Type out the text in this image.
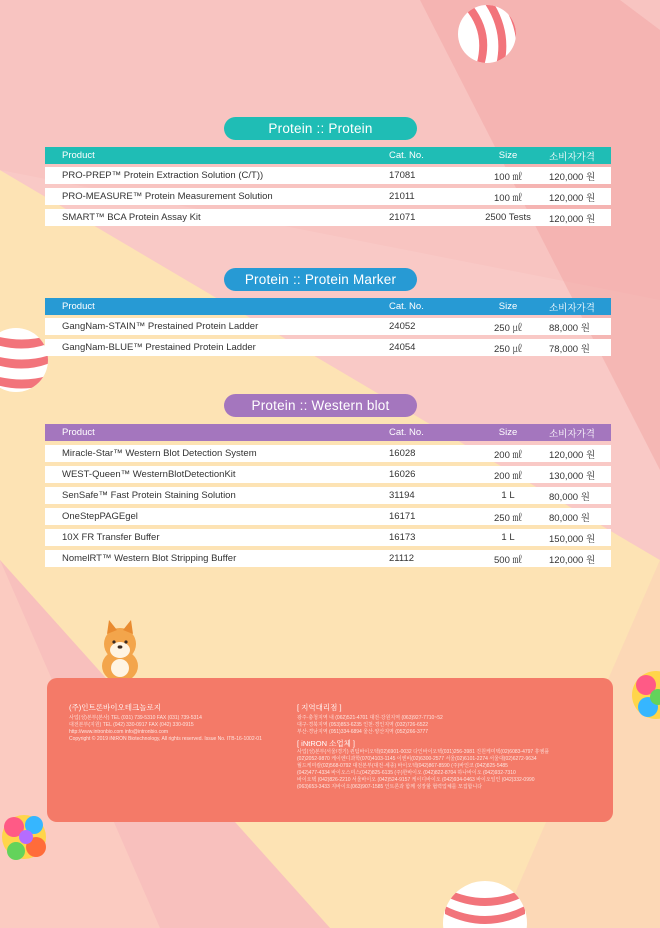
Protein :: Protein
Product	Cat. No.	Size	소비자가격
PRO-PREP™ Protein Extraction Solution (C/T))	17081	100 ㎖	120,000 원
PRO-MEASURE™ Protein Measurement Solution	21011	100 ㎖	120,000 원
SMART™ BCA Protein Assay Kit	21071	2500 Tests	120,000 원
Protein :: Protein Marker
Product	Cat. No.	Size	소비자가격
GangNam-STAIN™ Prestained Protein Ladder	24052	250 ㎕	88,000 원
GangNam-BLUE™ Prestained Protein Ladder	24054	250 ㎕	78,000 원
Protein :: Western blot
Product	Cat. No.	Size	소비자가격
Miracle-Star™ Western Blot Detection System	16028	200 ㎖	120,000 원
WEST-Queen™ WesternBlotDetectionKit	16026	200 ㎖	130,000 원
SenSafe™ Fast Protein Staining Solution	31194	1 L	80,000 원
OneStepPAGEgel	16171	250 ㎖	80,000 원
10X FR Transfer Buffer	16173	1 L	150,000 원
NomelRT™ Western Blot Stripping Buffer	21112	500 ㎖	120,000 원
(주)인트론바이오테크놀로지
사업(성)본부(본사) TEL (031) 739-5310 FAX (031) 739-5314
대전본부(지원) TEL (042) 330-0917 FAX (042) 330-0915
http://www.intronbio.com info@intronbio.com
Copyright © 2019 iNtRON Biotechnology, All rights reserved. Issue No. ITB-16-1002-01
[ 지역대리점 ]
광주·충청지역 내 (062)521-4701 대전·강원지역 (063)927-7710~52
대구·경북지역 (053)853-6235 인천·경인지역 (032)726-6522
부산·경남지역 (051)334-6894 울산·양산지역 (052)266-3777
[ iNtRON 소업체 ]
사업(성)본부(서울/경기) 퀀텀바이오텍(02)6901-0032 다인바이오텍(031)256-3981 진원케미텍(02)6083-4797 휴엠플
(02)2052-9870 케이엔디과학(070)4103-1145 이엔비(02)6300-2577 서울(02)6101-2274 서울대(02)6272-9634
월드케미칼(02)568-0792 대전본부(대전·세종) 바이오텍(042)867-8590 (주)바인코 (042)825-5485
(042)477-4334 바이오스미스(042)825-6135 (주)한바이오 (042)822-8704 하나바이오 (042)932-7310
바이오텍 (042)826-2210 서울바이오 (042)524-9157 케이디바이오 (042)934-0463 바이오일인 (042)332-0990
(063)653-3433 지바이오(063)907-1585 인트론과 함께 성장할 협력업체를 모집합니다
